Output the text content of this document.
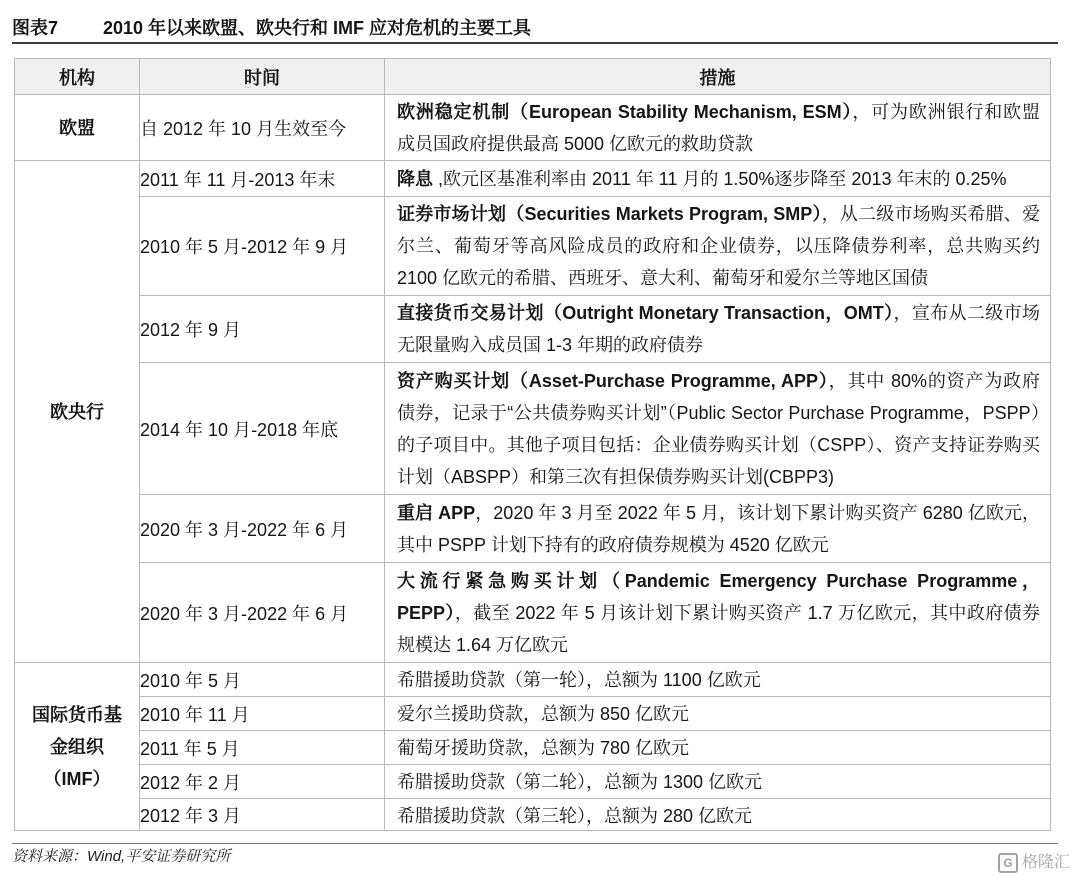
图表7 2010 年以来欧盟、欧央行和 IMF 应对危机的主要工具
机构	时间	措施

欧盟	自 2012 年 10 月生效至今	欧洲稳定机制（European Stability Mechanism, ESM），可为欧洲银行和欧盟成员国政府提供最高 5000 亿欧元的救助贷款

欧央行	2011 年 11 月-2013 年末	降息 ,欧元区基准利率由 2011 年 11 月的 1.50%逐步降至 2013 年末的 0.25%

	2010 年 5 月-2012 年 9 月	证券市场计划（Securities Markets Program, SMP），从二级市场购买希腊、爱尔兰、葡萄牙等高风险成员的政府和企业债券，以压降债券利率，总共购买约 2100 亿欧元的希腊、西班牙、意大利、葡萄牙和爱尔兰等地区国债

	2012 年 9 月	直接货币交易计划（Outright Monetary Transaction，OMT），宣布从二级市场无限量购入成员国 1-3 年期的政府债券

	2014 年 10 月-2018 年底	资产购买计划（Asset-Purchase Programme, APP），其中 80%的资产为政府债券，记录于“公共债券购买计划”（Public Sector Purchase Programme，PSPP）的子项目中。其他子项目包括：企业债券购买计划（CSPP）、资产支持证券购买计划（ABSPP）和第三次有担保债券购买计划(CBPP3)

	2020 年 3 月-2022 年 6 月	重启 APP，2020 年 3 月至 2022 年 5 月，该计划下累计购买资产 6280 亿欧元，其中 PSPP 计划下持有的政府债券规模为 4520 亿欧元

	2020 年 3 月-2022 年 6 月	大流行紧急购买计划（Pandemic Emergency Purchase Programme，PEPP），截至 2022 年 5 月该计划下累计购买资产 1.7 万亿欧元，其中政府债券规模达 1.64 万亿欧元

国际货币基
金组织
（IMF）	2010 年 5 月	希腊援助贷款（第一轮），总额为 1100 亿欧元

	2010 年 11 月	爱尔兰援助贷款，总额为 850 亿欧元

	2011 年 5 月	葡萄牙援助贷款，总额为 780 亿欧元

	2012 年 2 月	希腊援助贷款（第二轮），总额为 1300 亿欧元

	2012 年 3 月	希腊援助贷款（第三轮），总额为 280 亿欧元
资料来源：Wind,平安证券研究所	G 格隆汇
